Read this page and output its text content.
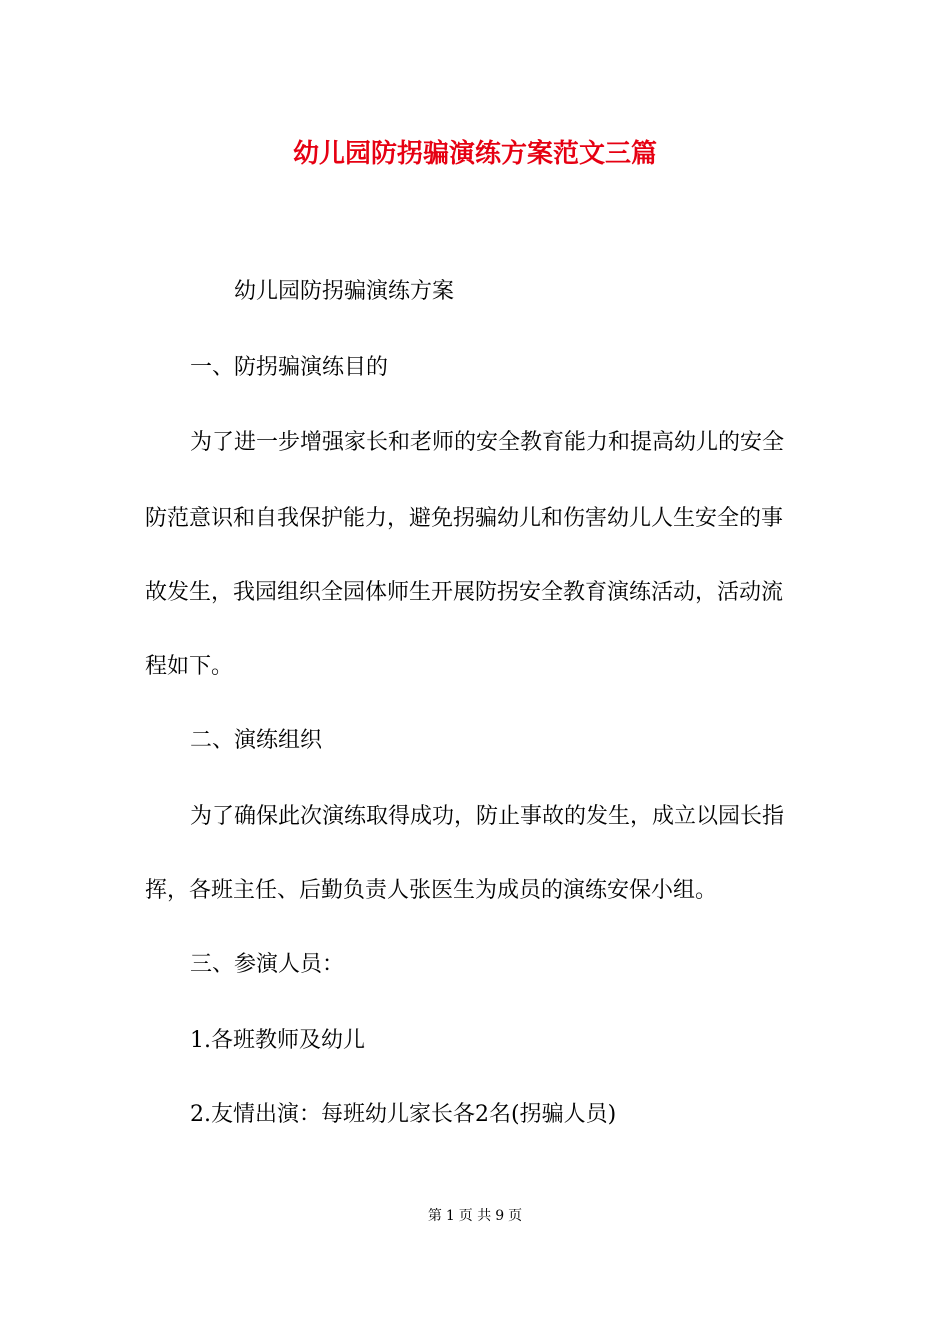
幼儿园防拐骗演练方案范文三篇
幼儿园防拐骗演练方案
一、防拐骗演练目的
为了进一步增强家长和老师的安全教育能力和提高幼儿的安全
防范意识和自我保护能力，避免拐骗幼儿和伤害幼儿人生安全的事
故发生，我园组织全园体师生开展防拐安全教育演练活动，活动流
程如下。
二、演练组织
为了确保此次演练取得成功，防止事故的发生，成立以园长指
挥，各班主任、后勤负责人张医生为成员的演练安保小组。
三、参演人员：
1.各班教师及幼儿
2.友情出演：每班幼儿家长各2名(拐骗人员)
第 1 页 共 9 页
